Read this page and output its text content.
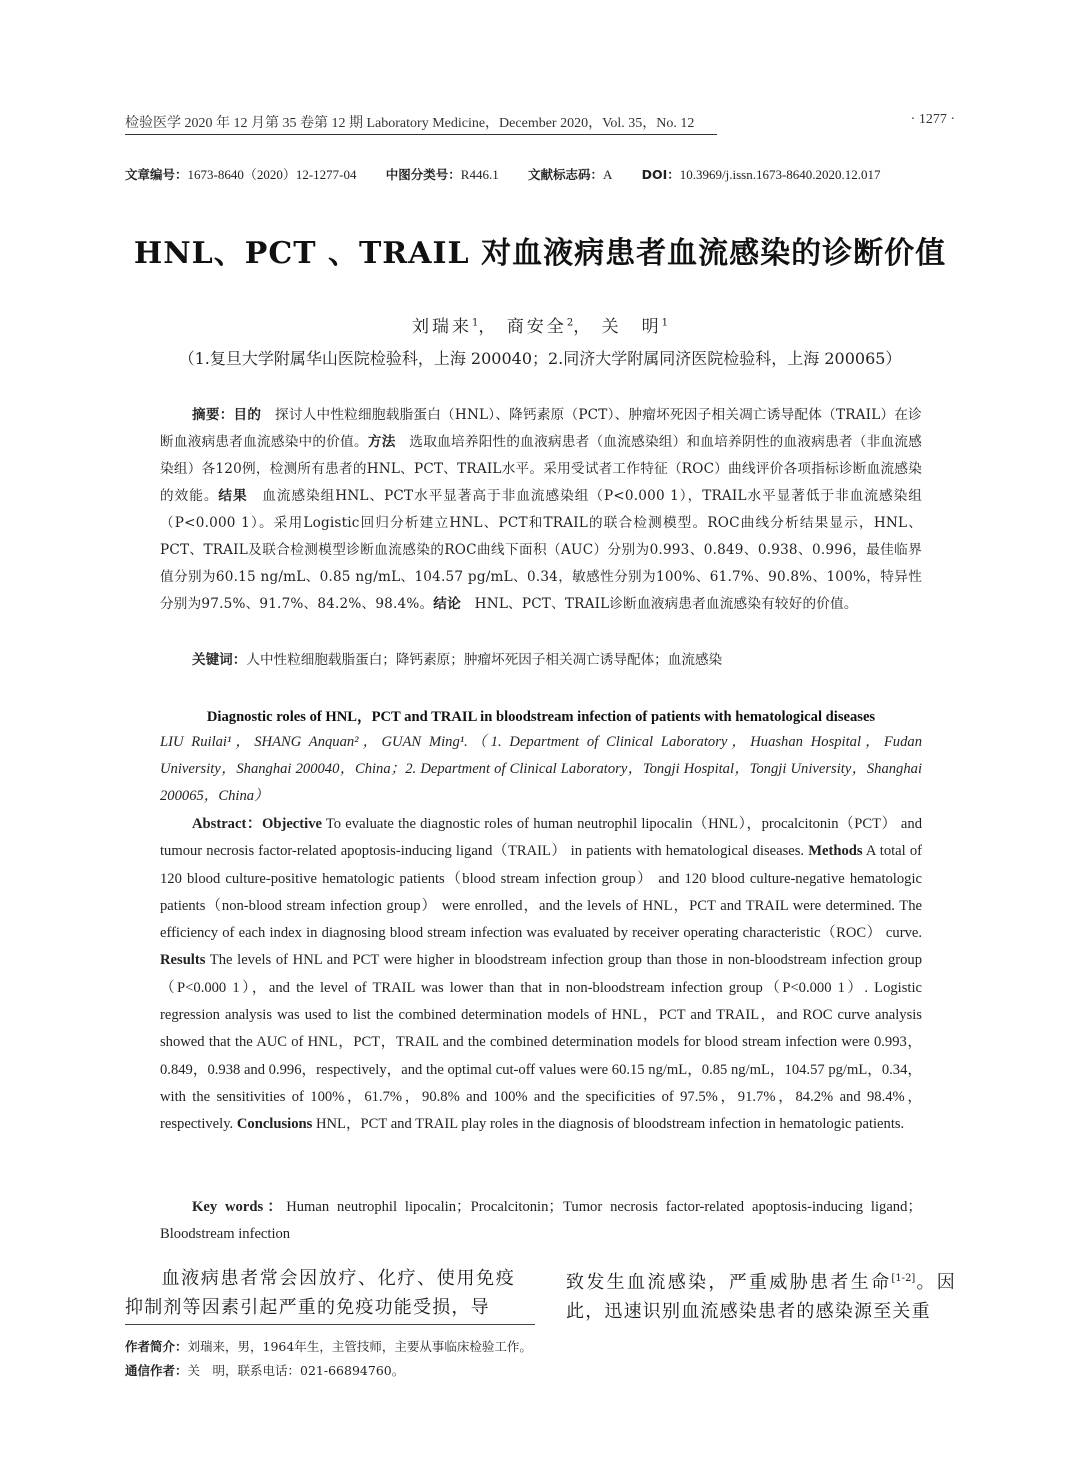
检验医学 2020 年 12 月第 35 卷第 12 期 Laboratory Medicine，December 2020，Vol. 35，No. 12	· 1277 ·
文章编号：1673-8640（2020）12-1277-04 中图分类号：R446.1 文献标志码：A DOI：10.3969/j.issn.1673-8640.2020.12.017
HNL、PCT 、TRAIL 对血液病患者血流感染的诊断价值
刘瑞来$^1$， 商安全$^2$， 关　明$^1$
（1.复旦大学附属华山医院检验科，上海 200040；2.同济大学附属同济医院检验科，上海 200065）
摘要：目的　探讨人中性粒细胞载脂蛋白（HNL）、降钙素原（PCT）、肿瘤坏死因子相关凋亡诱导配体（TRAIL）在诊断血液病患者血流感染中的价值。方法　选取血培养阳性的血液病患者（血流感染组）和血培养阴性的血液病患者（非血流感染组）各120例，检测所有患者的HNL、PCT、TRAIL水平。采用受试者工作特征（ROC）曲线评价各项指标诊断血流感染的效能。结果　血流感染组HNL、PCT水平显著高于非血流感染组（P<0.000 1），TRAIL水平显著低于非血流感染组（P<0.000 1）。采用Logistic回归分析建立HNL、PCT和TRAIL的联合检测模型。ROC曲线分析结果显示，HNL、PCT、TRAIL及联合检测模型诊断血流感染的ROC曲线下面积（AUC）分别为0.993、0.849、0.938、0.996，最佳临界值分别为60.15 ng/mL、0.85 ng/mL、104.57 pg/mL、0.34，敏感性分别为100%、61.7%、90.8%、100%，特异性分别为97.5%、91.7%、84.2%、98.4%。结论　HNL、PCT、TRAIL诊断血液病患者血流感染有较好的价值。
关键词：人中性粒细胞载脂蛋白；降钙素原；肿瘤坏死因子相关凋亡诱导配体；血流感染
Diagnostic roles of HNL，PCT and TRAIL in bloodstream infection of patients with hematological diseases
LIU Ruilai¹，SHANG Anquan²，GUAN Ming¹.（1. Department of Clinical Laboratory，Huashan Hospital，Fudan University，Shanghai 200040，China；2. Department of Clinical Laboratory，Tongji Hospital，Tongji University，Shanghai 200065，China）
Abstract：Objective To evaluate the diagnostic roles of human neutrophil lipocalin（HNL），procalcitonin（PCT） and tumour necrosis factor-related apoptosis-inducing ligand（TRAIL） in patients with hematological diseases. Methods A total of 120 blood culture-positive hematologic patients（blood stream infection group） and 120 blood culture-negative hematologic patients（non-blood stream infection group） were enrolled，and the levels of HNL，PCT and TRAIL were determined. The efficiency of each index in diagnosing blood stream infection was evaluated by receiver operating characteristic（ROC） curve. Results The levels of HNL and PCT were higher in bloodstream infection group than those in non-bloodstream infection group（P<0.000 1），and the level of TRAIL was lower than that in non-bloodstream infection group（P<0.000 1）. Logistic regression analysis was used to list the combined determination models of HNL，PCT and TRAIL，and ROC curve analysis showed that the AUC of HNL，PCT，TRAIL and the combined determination models for blood stream infection were 0.993，0.849，0.938 and 0.996，respectively，and the optimal cut-off values were 60.15 ng/mL，0.85 ng/mL，104.57 pg/mL，0.34，with the sensitivities of 100%，61.7%，90.8% and 100% and the specificities of 97.5%，91.7%，84.2% and 98.4%，respectively. Conclusions HNL，PCT and TRAIL play roles in the diagnosis of bloodstream infection in hematologic patients.
Key words：Human neutrophil lipocalin；Procalcitonin；Tumor necrosis factor-related apoptosis-inducing ligand；Bloodstream infection
血液病患者常会因放疗、化疗、使用免疫抑制剂等因素引起严重的免疫功能受损，导
致发生血流感染，严重威胁患者生命[1-2]。因此，迅速识别血流感染患者的感染源至关重
作者简介：刘瑞来，男，1964年生，主管技师，主要从事临床检验工作。
通信作者：关　明，联系电话：021-66894760。
